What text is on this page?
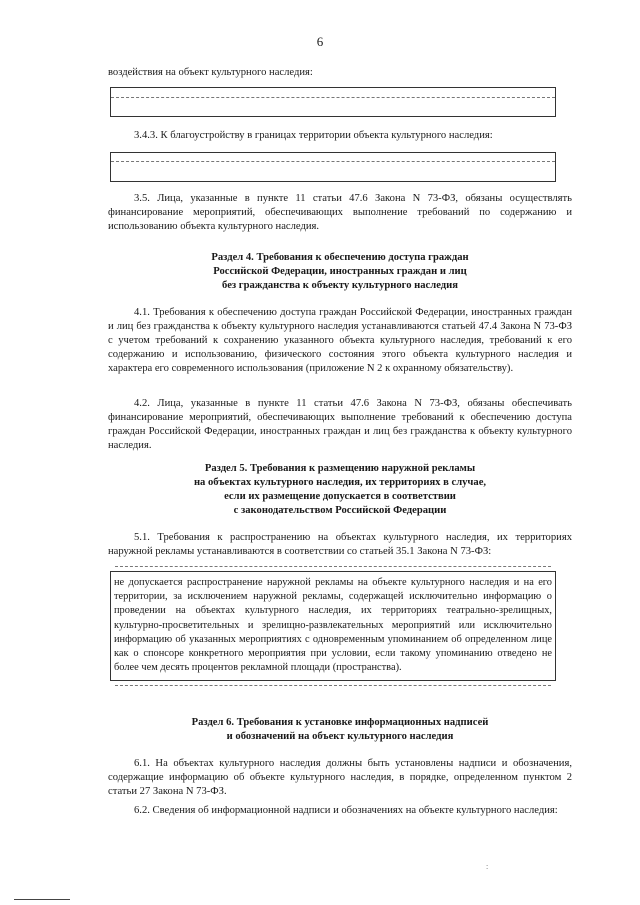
6
воздействия на объект культурного наследия:
3.4.3. К благоустройству в границах территории объекта культурного наследия:
3.5. Лица, указанные в пункте 11 статьи 47.6 Закона N 73-ФЗ, обязаны осуществлять финансирование мероприятий, обеспечивающих выполнение требований по содержанию и использованию объекта культурного наследия.
Раздел 4. Требования к обеспечению доступа граждан
Российской Федерации, иностранных граждан и лиц
без гражданства к объекту культурного наследия
4.1. Требования к обеспечению доступа граждан Российской Федерации, иностранных граждан и лиц без гражданства к объекту культурного наследия устанавливаются статьей 47.4 Закона N 73-ФЗ с учетом требований к сохранению указанного объекта культурного наследия, требований к его содержанию и использованию, физического состояния этого объекта культурного наследия и характера его современного использования (приложение N 2 к охранному обязательству).
4.2. Лица, указанные в пункте 11 статьи 47.6 Закона N 73-ФЗ, обязаны обеспечивать финансирование мероприятий, обеспечивающих выполнение требований к обеспечению доступа граждан Российской Федерации, иностранных граждан и лиц без гражданства к объекту культурного наследия.
Раздел 5. Требования к размещению наружной рекламы
на объектах культурного наследия, их территориях в случае,
если их размещение допускается в соответствии
с законодательством Российской Федерации
5.1. Требования к распространению на объектах культурного наследия, их территориях наружной рекламы устанавливаются в соответствии со статьей 35.1 Закона N 73-ФЗ:
не допускается распространение наружной рекламы на объекте культурного наследия и на его территории, за исключением наружной рекламы, содержащей исключительно информацию о проведении на объектах культурного наследия, их территориях театрально-зрелищных, культурно-просветительных и зрелищно-развлекательных мероприятий или исключительно информацию об указанных мероприятиях с одновременным упоминанием об определенном лице как о спонсоре конкретного мероприятия при условии, если такому упоминанию отведено не более чем десять процентов рекламной площади (пространства).
Раздел 6. Требования к установке информационных надписей
и обозначений на объект культурного наследия
6.1. На объектах культурного наследия должны быть установлены надписи и обозначения, содержащие информацию об объекте культурного наследия, в порядке, определенном пунктом 2 статьи 27 Закона N 73-ФЗ.
6.2. Сведения об информационной надписи и обозначениях на объекте культурного наследия:
:
